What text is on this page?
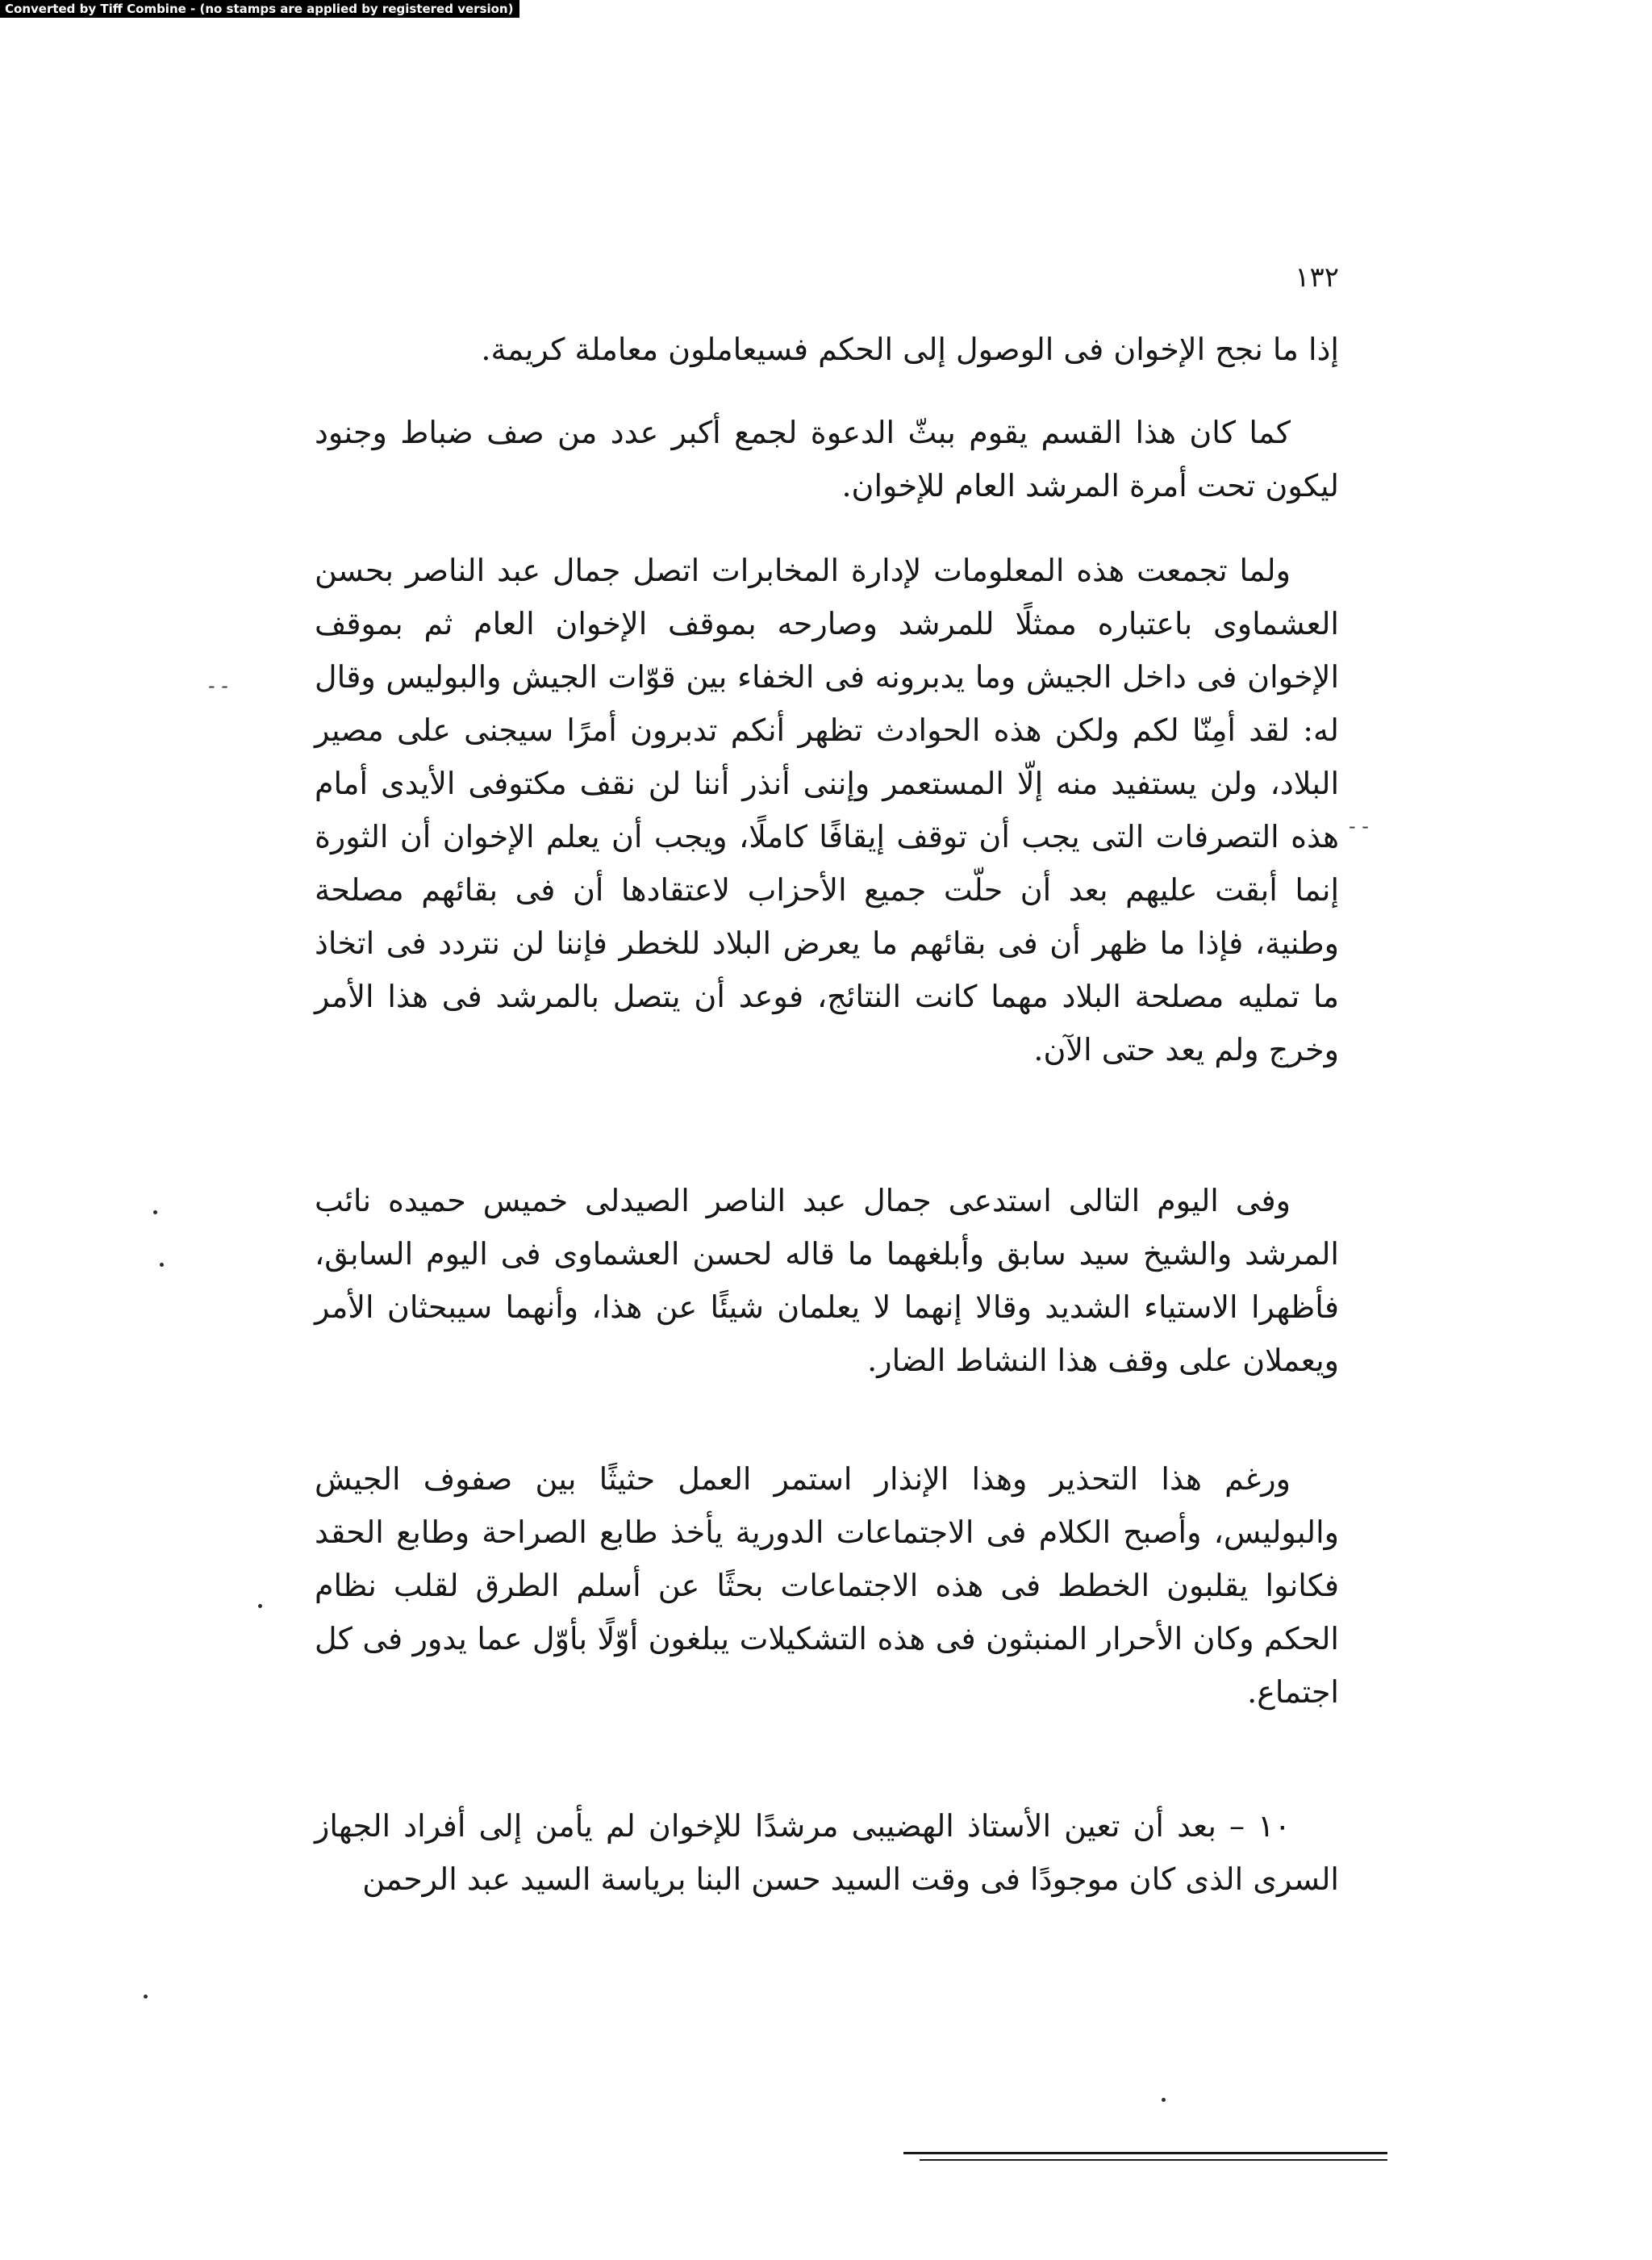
Converted by Tiff Combine - (no stamps are applied by registered version)
١٣٢

إذا ما نجح الإخوان فى الوصول إلى الحكم فسيعاملون معاملة كريمة.

كما كان هذا القسم يقوم ببثّ الدعوة لجمع أكبر عدد من صف ضباط وجنود ليكون تحت أمرة المرشد العام للإخوان.

ولما تجمعت هذه المعلومات لإدارة المخابرات اتصل جمال عبد الناصر بحسن العشماوى باعتباره ممثلًا للمرشد وصارحه بموقف الإخوان العام ثم بموقف الإخوان فى داخل الجيش وما يدبرونه فى الخفاء بين قوّات الجيش والبوليس وقال له: لقد أمِنّا لكم ولكن هذه الحوادث تظهر أنكم تدبرون أمرًا سيجنى على مصير البلاد، ولن يستفيد منه إلّا المستعمر وإننى أنذر أننا لن نقف مكتوفى الأيدى أمام هذه التصرفات التى يجب أن توقف إيقافًا كاملًا، ويجب أن يعلم الإخوان أن الثورة إنما أبقت عليهم بعد أن حلّت جميع الأحزاب لاعتقادها أن فى بقائهم مصلحة وطنية، فإذا ما ظهر أن فى بقائهم ما يعرض البلاد للخطر فإننا لن نتردد فى اتخاذ ما تمليه مصلحة البلاد مهما كانت النتائج، فوعد أن يتصل بالمرشد فى هذا الأمر وخرج ولم يعد حتى الآن.

وفى اليوم التالى استدعى جمال عبد الناصر الصيدلى خميس حميده نائب المرشد والشيخ سيد سابق وأبلغهما ما قاله لحسن العشماوى فى اليوم السابق، فأظهرا الاستياء الشديد وقالا إنهما لا يعلمان شيئًا عن هذا، وأنهما سيبحثان الأمر ويعملان على وقف هذا النشاط الضار.

ورغم هذا التحذير وهذا الإنذار استمر العمل حثيثًا بين صفوف الجيش والبوليس، وأصبح الكلام فى الاجتماعات الدورية يأخذ طابع الصراحة وطابع الحقد فكانوا يقلبون الخطط فى هذه الاجتماعات بحثًا عن أسلم الطرق لقلب نظام الحكم وكان الأحرار المنبثون فى هذه التشكيلات يبلغون أوّلًا بأوّل عما يدور فى كل اجتماع.

١٠ – بعد أن تعين الأستاذ الهضيبى مرشدًا للإخوان لم يأمن إلى أفراد الجهاز السرى الذى كان موجودًا فى وقت السيد حسن البنا برياسة السيد عبد الرحمن

- -
- -
